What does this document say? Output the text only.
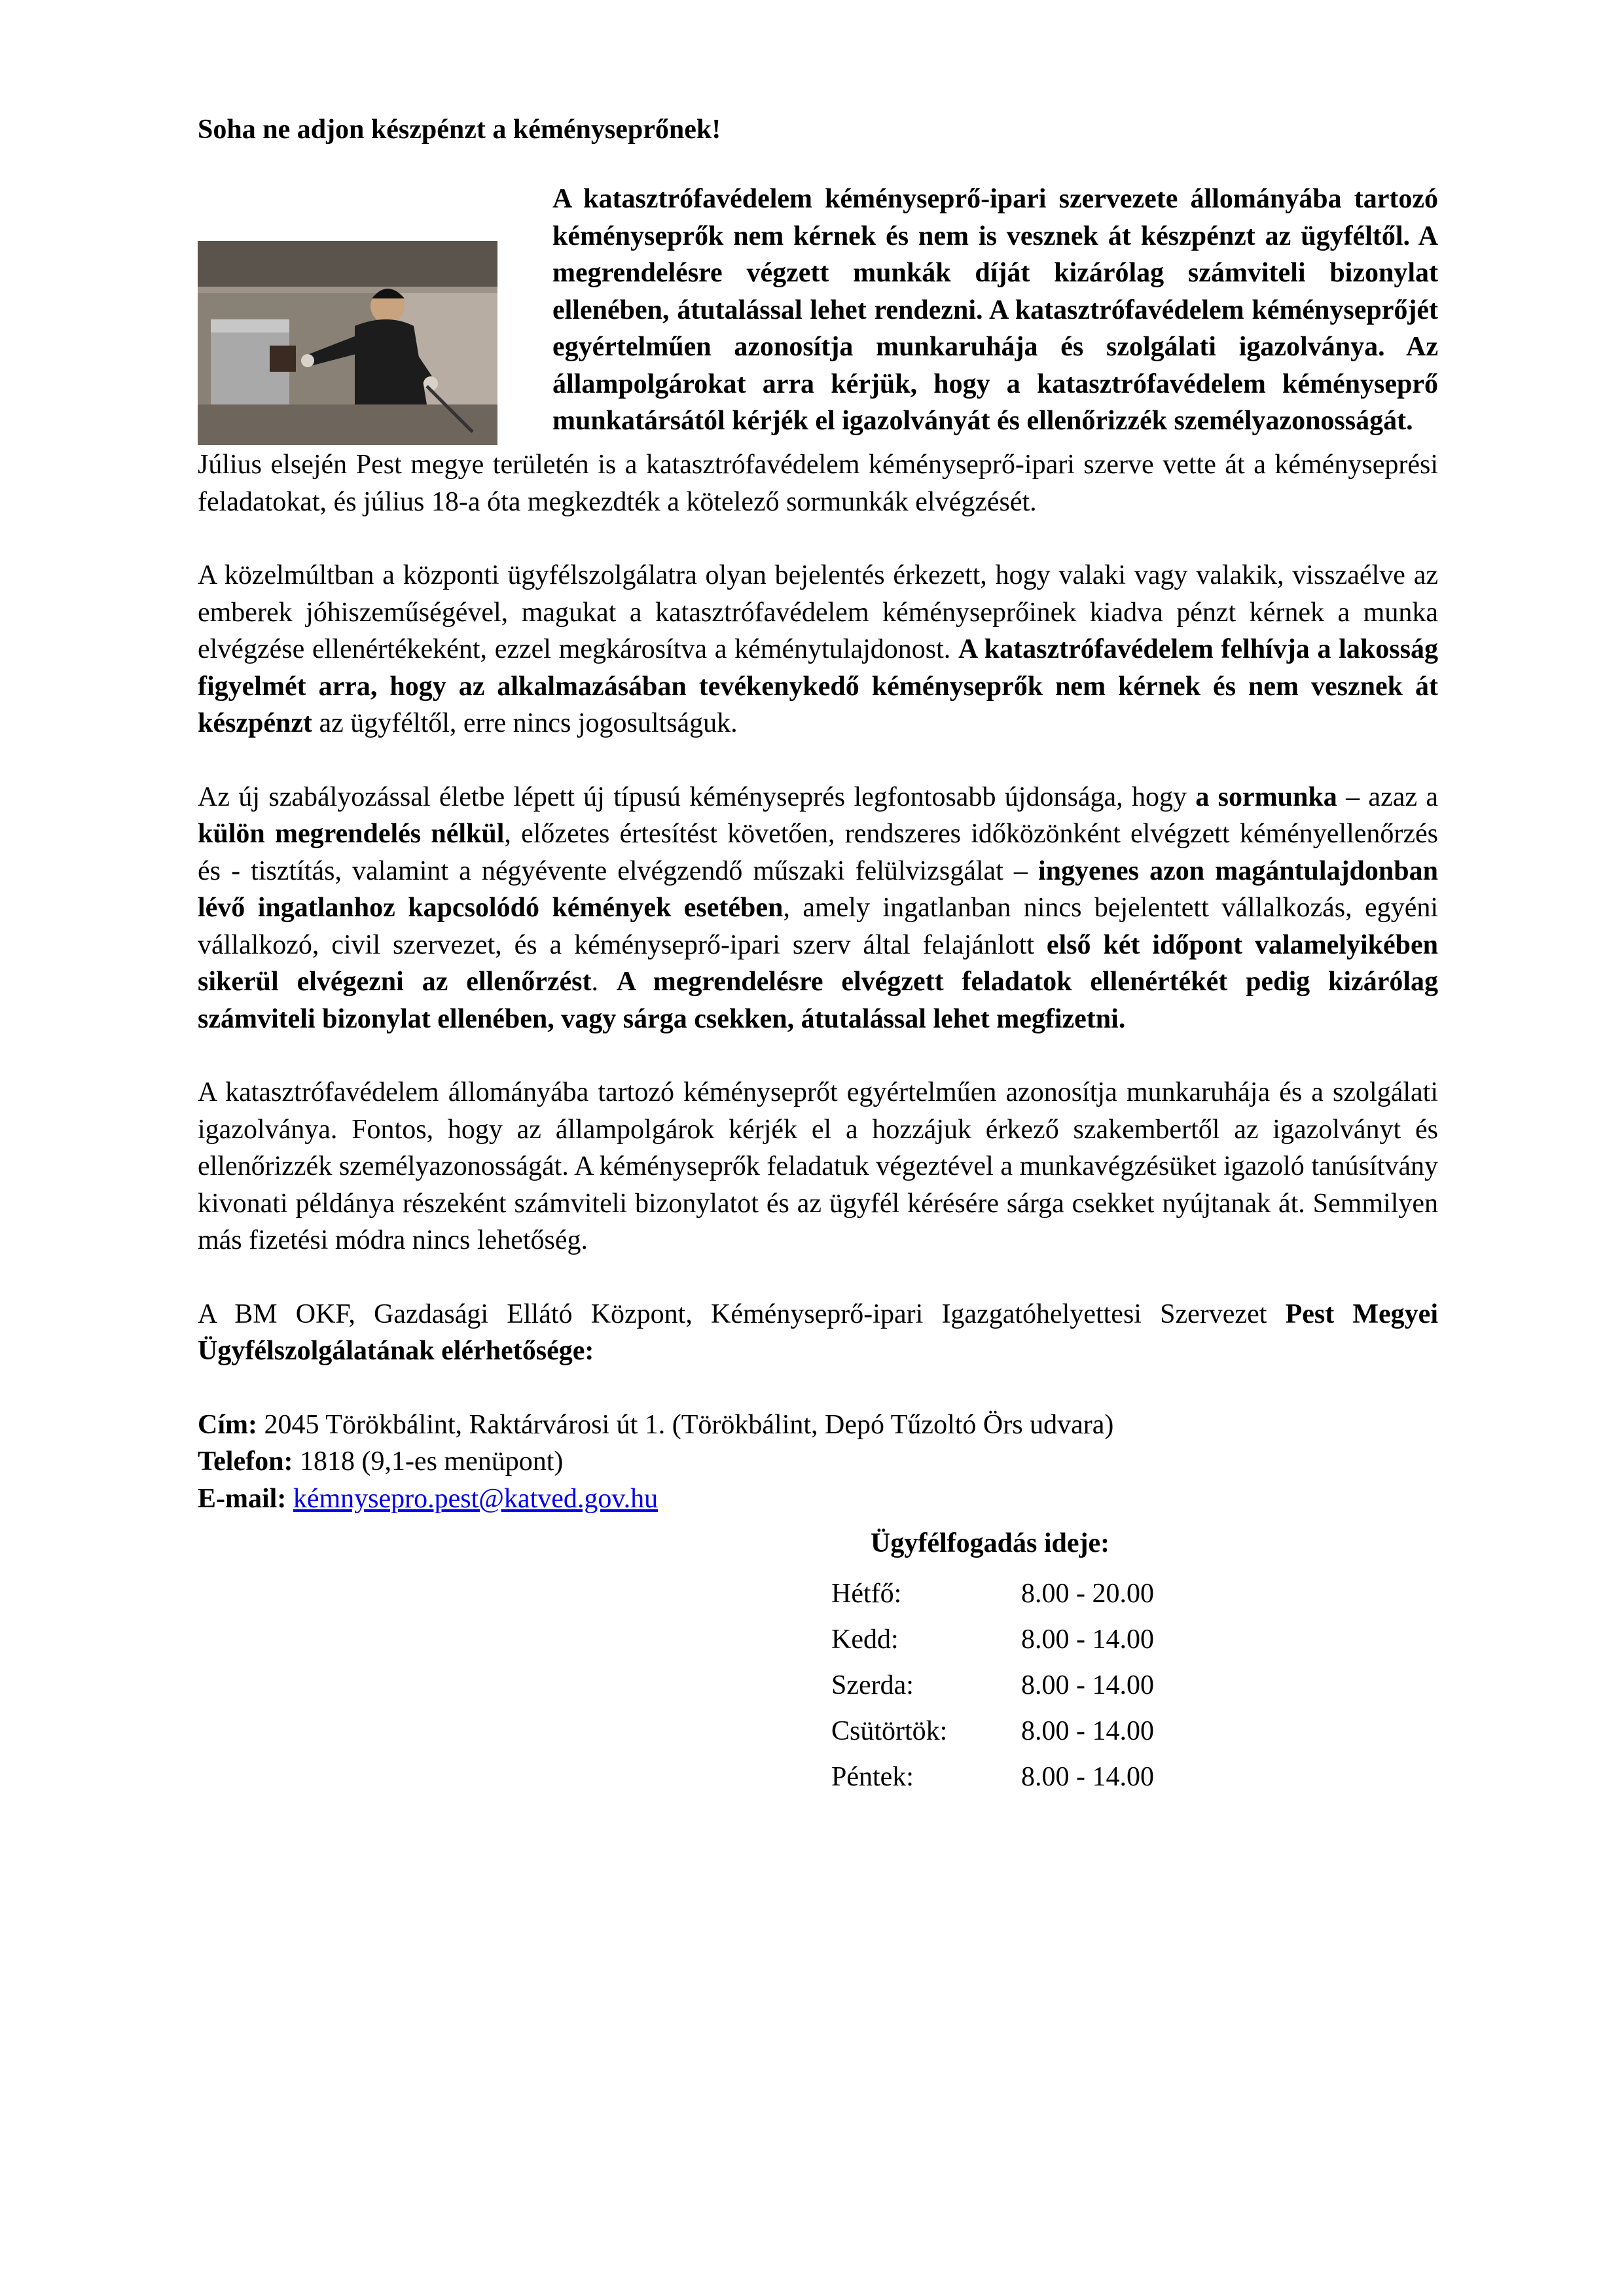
Soha ne adjon készpénzt a kéményseprőnek!

A katasztrófavédelem kéményseprő-ipari szervezete állományába tartozó kéményseprők nem kérnek és nem is vesznek át készpénzt az ügyféltől. A megrendelésre végzett munkák díját kizárólag számviteli bizonylat ellenében, átutalással lehet rendezni. A katasztrófavédelem kéményseprőjét egyértelműen azonosítja munkaruhája és szolgálati igazolványa. Az állampolgárokat arra kérjük, hogy a katasztrófavédelem kéményseprő munkatársától kérjék el igazolványát és ellenőrizzék személyazonosságát.

Július elsején Pest megye területén is a katasztrófavédelem kéményseprő-ipari szerve vette át a kéményseprési feladatokat, és július 18-a óta megkezdték a kötelező sormunkák elvégzését.

A közelmúltban a központi ügyfélszolgálatra olyan bejelentés érkezett, hogy valaki vagy valakik, visszaélve az emberek jóhiszeműségével, magukat a katasztrófavédelem kéményseprőinek kiadva pénzt kérnek a munka elvégzése ellenértékeként, ezzel megkárosítva a kéménytulajdonost. A katasztrófavédelem felhívja a lakosság figyelmét arra, hogy az alkalmazásában tevékenykedő kéményseprők nem kérnek és nem vesznek át készpénzt az ügyféltől, erre nincs jogosultságuk.

Az új szabályozással életbe lépett új típusú kéményseprés legfontosabb újdonsága, hogy a sormunka – azaz a külön megrendelés nélkül, előzetes értesítést követően, rendszeres időközönként elvégzett kéményellenőrzés és - tisztítás, valamint a négyévente elvégzendő műszaki felülvizsgálat – ingyenes azon magántulajdonban lévő ingatlanhoz kapcsolódó kémények esetében, amely ingatlanban nincs bejelentett vállalkozás, egyéni vállalkozó, civil szervezet, és a kéményseprő-ipari szerv által felajánlott első két időpont valamelyikében sikerül elvégezni az ellenőrzést. A megrendelésre elvégzett feladatok ellenértékét pedig kizárólag számviteli bizonylat ellenében, vagy sárga csekken, átutalással lehet megfizetni.

A katasztrófavédelem állományába tartozó kéményseprőt egyértelműen azonosítja munkaruhája és a szolgálati igazolványa. Fontos, hogy az állampolgárok kérjék el a hozzájuk érkező szakembertől az igazolványt és ellenőrizzék személyazonosságát. A kéményseprők feladatuk végeztével a munkavégzésüket igazoló tanúsítvány kivonati példánya részeként számviteli bizonylatot és az ügyfél kérésére sárga csekket nyújtanak át. Semmilyen más fizetési módra nincs lehetőség.

A BM OKF, Gazdasági Ellátó Központ, Kéményseprő-ipari Igazgatóhelyettesi Szervezet Pest Megyei Ügyfélszolgálatának elérhetősége:

Cím: 2045 Törökbálint, Raktárvárosi út 1. (Törökbálint, Depó Tűzoltó Örs udvara)
Telefon: 1818 (9,1-es menüpont)
E-mail: kémnysepro.pest@katved.gov.hu
Ügyfélfogadás ideje:
Hétfő:	8.00 - 20.00
Kedd:	8.00 - 14.00
Szerda:	8.00 - 14.00
Csütörtök:	8.00 - 14.00
Péntek:	8.00 - 14.00
